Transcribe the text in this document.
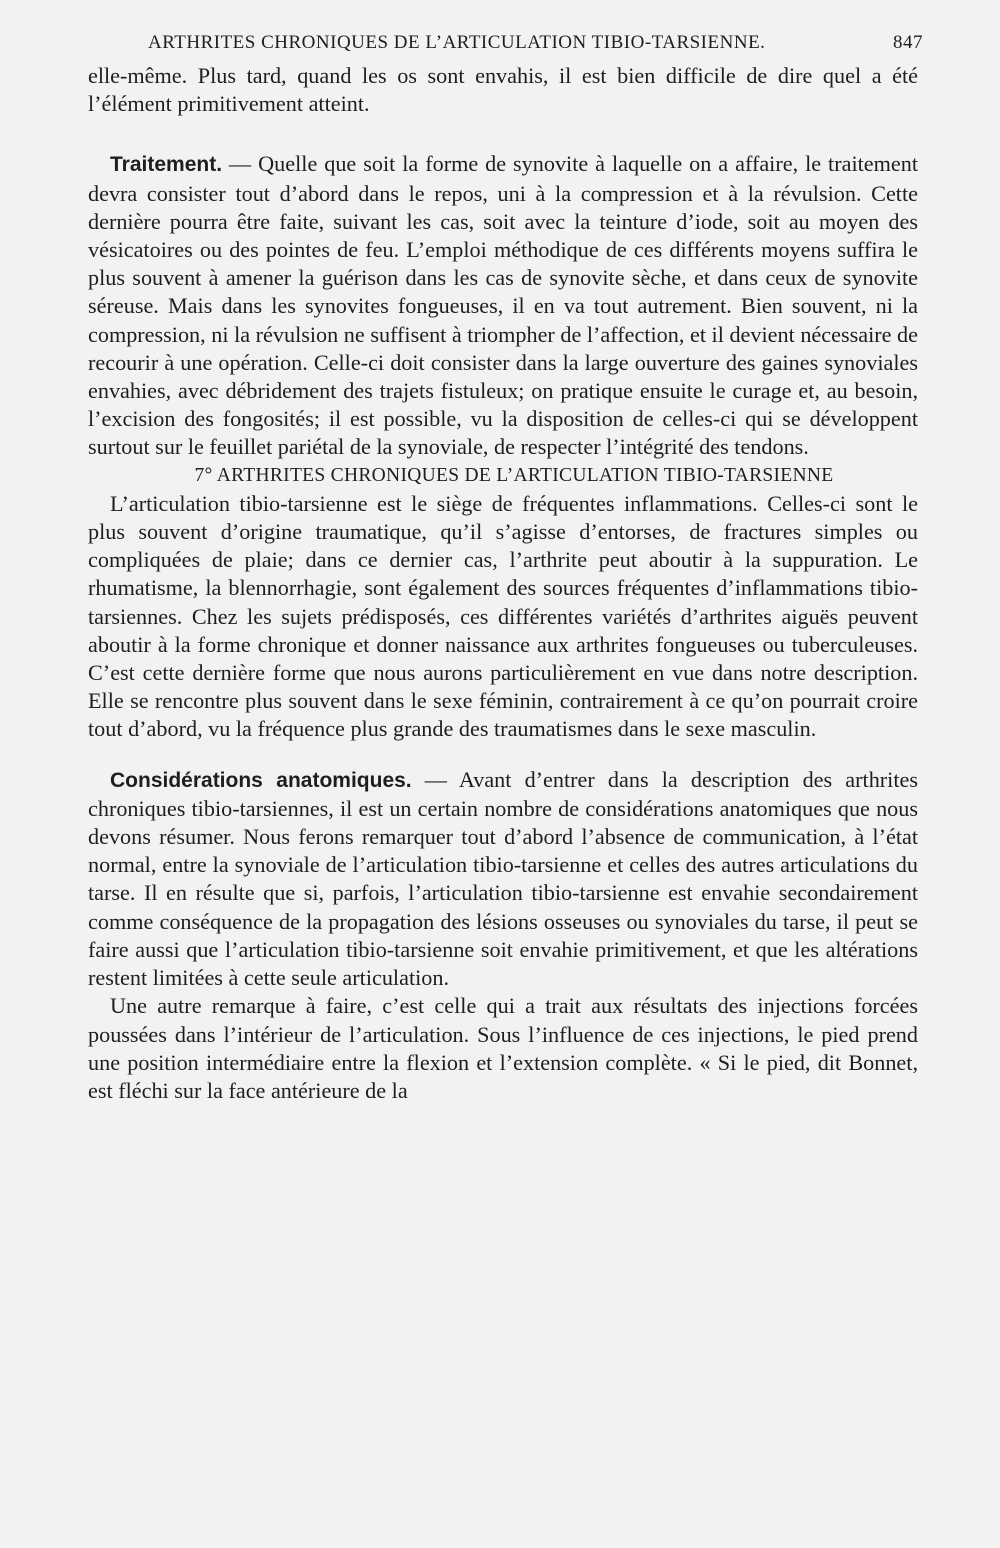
ARTHRITES CHRONIQUES DE L’ARTICULATION TIBIO-TARSIENNE.	847

elle-même. Plus tard, quand les os sont envahis, il est bien difficile de dire quel a été l’élément primitivement atteint.

Traitement. — Quelle que soit la forme de synovite à laquelle on a affaire, le traitement devra consister tout d’abord dans le repos, uni à la compression et à la révulsion. Cette dernière pourra être faite, suivant les cas, soit avec la teinture d’iode, soit au moyen des vésicatoires ou des pointes de feu. L’emploi méthodique de ces différents moyens suffira le plus souvent à amener la guérison dans les cas de synovite sèche, et dans ceux de synovite séreuse. Mais dans les synovites fongueuses, il en va tout autrement. Bien souvent, ni la compression, ni la révulsion ne suffisent à triompher de l’affection, et il devient nécessaire de recourir à une opération. Celle-ci doit consister dans la large ouverture des gaines synoviales envahies, avec débridement des trajets fistuleux; on pratique ensuite le curage et, au besoin, l’excision des fongosités; il est possible, vu la disposition de celles-ci qui se développent surtout sur le feuillet pariétal de la synoviale, de respecter l’intégrité des tendons.

7° ARTHRITES CHRONIQUES DE L’ARTICULATION TIBIO-TARSIENNE

L’articulation tibio-tarsienne est le siège de fréquentes inflammations. Celles-ci sont le plus souvent d’origine traumatique, qu’il s’agisse d’entorses, de fractures simples ou compliquées de plaie; dans ce dernier cas, l’arthrite peut aboutir à la suppuration. Le rhumatisme, la blennorrhagie, sont également des sources fréquentes d’inflammations tibio-tarsiennes. Chez les sujets prédisposés, ces différentes variétés d’arthrites aiguës peuvent aboutir à la forme chronique et donner naissance aux arthrites fongueuses ou tuberculeuses. C’est cette dernière forme que nous aurons particulièrement en vue dans notre description. Elle se rencontre plus souvent dans le sexe féminin, contrairement à ce qu’on pourrait croire tout d’abord, vu la fréquence plus grande des traumatismes dans le sexe masculin.

Considérations anatomiques. — Avant d’entrer dans la description des arthrites chroniques tibio-tarsiennes, il est un certain nombre de considérations anatomiques que nous devons résumer. Nous ferons remarquer tout d’abord l’absence de communication, à l’état normal, entre la synoviale de l’articulation tibio-tarsienne et celles des autres articulations du tarse. Il en résulte que si, parfois, l’articulation tibio-tarsienne est envahie secondairement comme conséquence de la propagation des lésions osseuses ou synoviales du tarse, il peut se faire aussi que l’articulation tibio-tarsienne soit envahie primitivement, et que les altérations restent limitées à cette seule articulation.

Une autre remarque à faire, c’est celle qui a trait aux résultats des injections forcées poussées dans l’intérieur de l’articulation. Sous l’influence de ces injections, le pied prend une position intermédiaire entre la flexion et l’extension complète. « Si le pied, dit Bonnet, est fléchi sur la face antérieure de la
